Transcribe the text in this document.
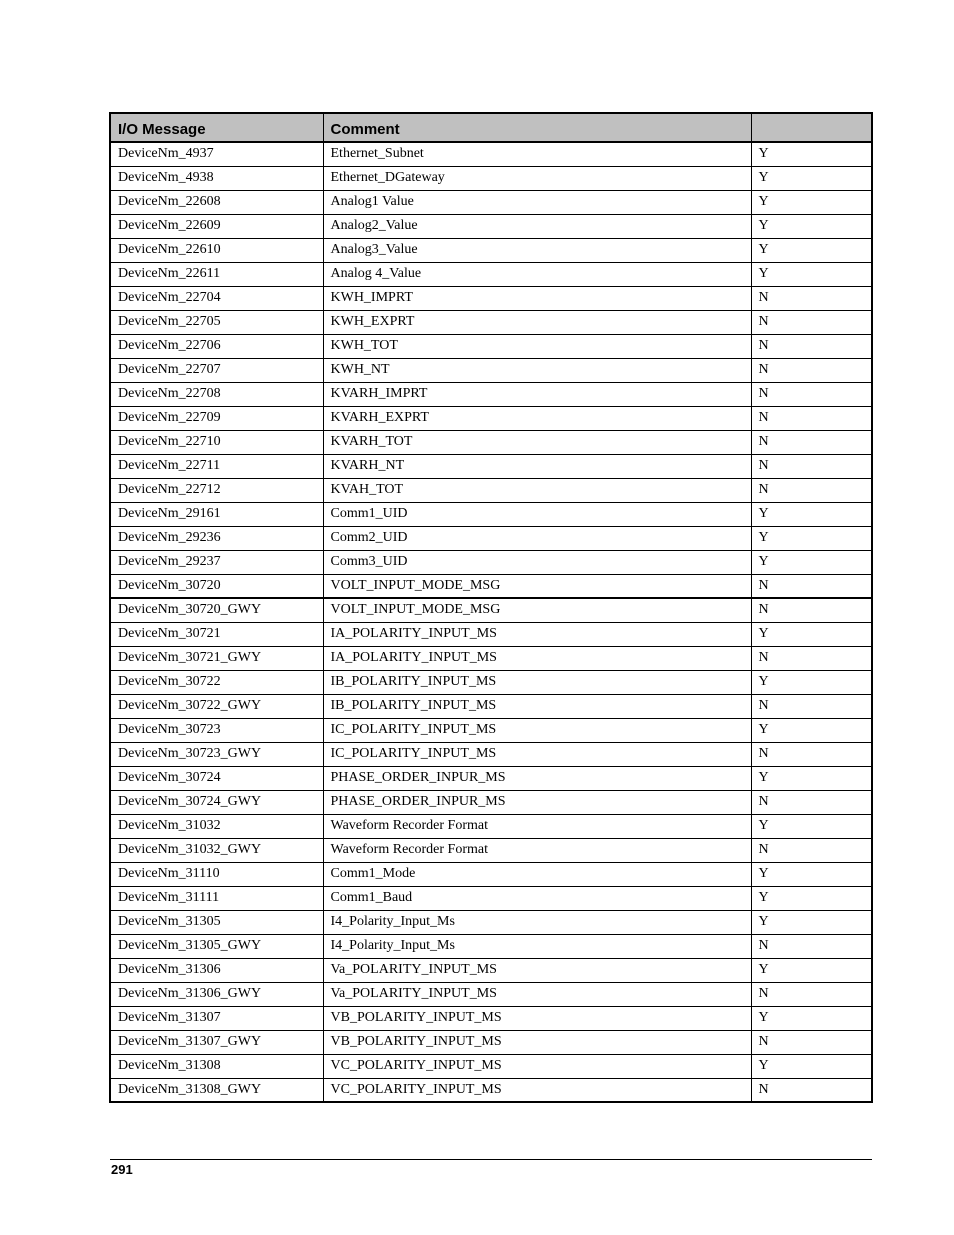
I/O Message	Comment	
DeviceNm_4937	Ethernet_Subnet	Y
DeviceNm_4938	Ethernet_DGateway	Y
DeviceNm_22608	Analog1 Value	Y
DeviceNm_22609	Analog2_Value	Y
DeviceNm_22610	Analog3_Value	Y
DeviceNm_22611	Analog 4_Value	Y
DeviceNm_22704	KWH_IMPRT	N
DeviceNm_22705	KWH_EXPRT	N
DeviceNm_22706	KWH_TOT	N
DeviceNm_22707	KWH_NT	N
DeviceNm_22708	KVARH_IMPRT	N
DeviceNm_22709	KVARH_EXPRT	N
DeviceNm_22710	KVARH_TOT	N
DeviceNm_22711	KVARH_NT	N
DeviceNm_22712	KVAH_TOT	N
DeviceNm_29161	Comm1_UID	Y
DeviceNm_29236	Comm2_UID	Y
DeviceNm_29237	Comm3_UID	Y
DeviceNm_30720	VOLT_INPUT_MODE_MSG	N
DeviceNm_30720_GWY	VOLT_INPUT_MODE_MSG	N
DeviceNm_30721	IA_POLARITY_INPUT_MS	Y
DeviceNm_30721_GWY	IA_POLARITY_INPUT_MS	N
DeviceNm_30722	IB_POLARITY_INPUT_MS	Y
DeviceNm_30722_GWY	IB_POLARITY_INPUT_MS	N
DeviceNm_30723	IC_POLARITY_INPUT_MS	Y
DeviceNm_30723_GWY	IC_POLARITY_INPUT_MS	N
DeviceNm_30724	PHASE_ORDER_INPUR_MS	Y
DeviceNm_30724_GWY	PHASE_ORDER_INPUR_MS	N
DeviceNm_31032	Waveform Recorder Format	Y
DeviceNm_31032_GWY	Waveform Recorder Format	N
DeviceNm_31110	Comm1_Mode	Y
DeviceNm_31111	Comm1_Baud	Y
DeviceNm_31305	I4_Polarity_Input_Ms	Y
DeviceNm_31305_GWY	I4_Polarity_Input_Ms	N
DeviceNm_31306	Va_POLARITY_INPUT_MS	Y
DeviceNm_31306_GWY	Va_POLARITY_INPUT_MS	N
DeviceNm_31307	VB_POLARITY_INPUT_MS	Y
DeviceNm_31307_GWY	VB_POLARITY_INPUT_MS	N
DeviceNm_31308	VC_POLARITY_INPUT_MS	Y
DeviceNm_31308_GWY	VC_POLARITY_INPUT_MS	N
291
